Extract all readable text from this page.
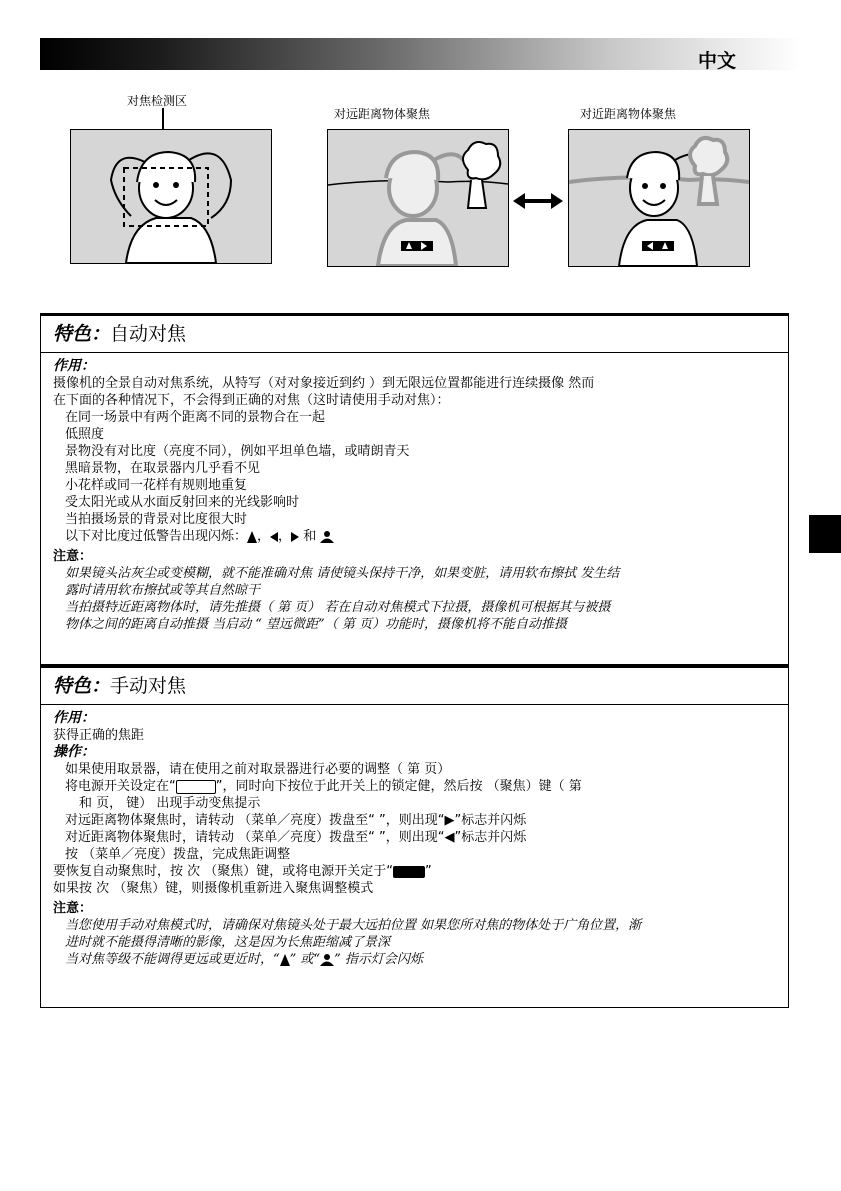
中文
对焦检测区
对远距离物体聚焦	对近距离物体聚焦
特色：自动对焦

作用：

摄像机的全景自动对焦系统，从特写（对对象接近到约 ）到无限远位置都能进行连续摄像 然而

在下面的各种情况下，不会得到正确的对焦（这时请使用手动对焦）：

在同一场景中有两个距离不同的景物合在一起

低照度

景物没有对比度（亮度不同），例如平坦单色墙，或晴朗青天

黑暗景物，在取景器内几乎看不见

小花样或同一花样有规则地重复

受太阳光或从水面反射回来的光线影响时

当拍摄场景的背景对比度很大时

以下对比度过低警告出现闪烁： ， ， 和

注意：

如果镜头沾灰尘或变模糊，就不能准确对焦 请使镜头保持干净，如果变脏，请用软布擦拭 发生结

露时请用软布擦拭或等其自然晾干

当拍摄特近距离物体时，请先推摄（ 第 页） 若在自动对焦模式下拉摄，摄像机可根据其与被摄

物体之间的距离自动推摄 当启动 “ 望远微距”（ 第 页）功能时，摄像机将不能自动推摄

特色：手动对焦

作用：

获得正确的焦距

操作：

如果使用取景器，请在使用之前对取景器进行必要的调整（ 第 页）

将电源开关设定在“	”，同时向下按位于此开关上的锁定健，然后按 （聚焦）键（ 第

和 页， 键） 出现手动变焦提示

对远距离物体聚焦时，请转动 （菜单／亮度）拨盘至“ ”，则出现“▶”标志并闪烁

对近距离物体聚焦时，请转动 （菜单／亮度）拨盘至“ ”，则出现“◀”标志并闪烁

按 （菜单／亮度）拨盘，完成焦距调整

要恢复自动聚焦时，按 次 （聚焦）键，或将电源开关定于“ ”

如果按 次 （聚焦）键，则摄像机重新进入聚焦调整模式

注意：

当您使用手动对焦模式时，请确保对焦镜头处于最大远拍位置 如果您所对焦的物体处于广角位置，渐

进时就不能摄得清晰的影像，这是因为长焦距缩减了景深

当对焦等级不能调得更远或更近时，“ ” 或“ ” 指示灯会闪烁
